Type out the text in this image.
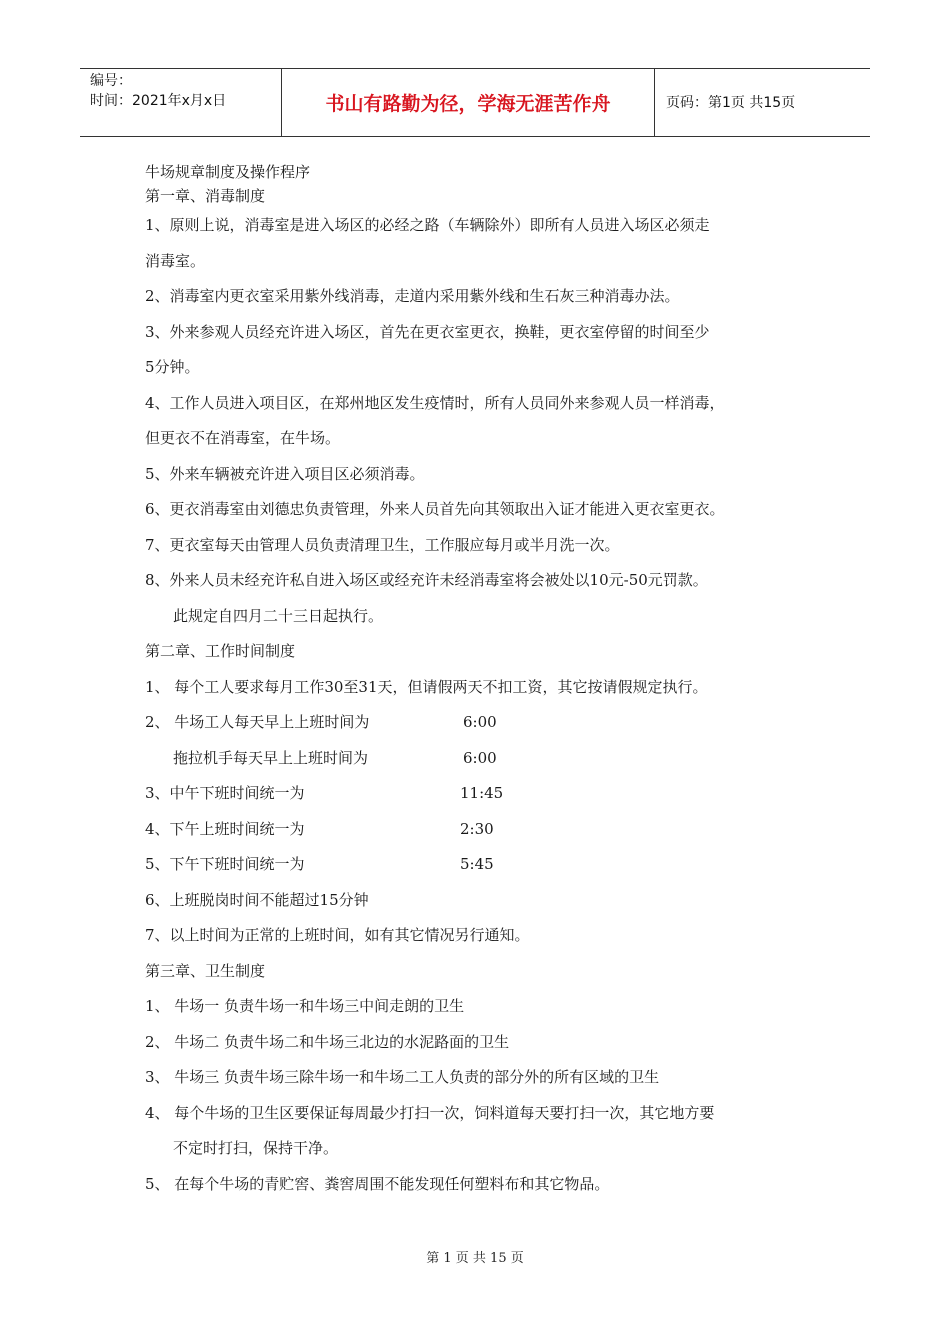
编号：
时间：2021年x月x日	书山有路勤为径，学海无涯苦作舟	页码：第1页 共15页
牛场规章制度及操作程序
第一章、消毒制度
1、原则上说，消毒室是进入场区的必经之路（车辆除外）即所有人员进入场区必须走
消毒室。
2、消毒室内更衣室采用紫外线消毒，走道内采用紫外线和生石灰三种消毒办法。
3、外来参观人员经充许进入场区，首先在更衣室更衣，换鞋，更衣室停留的时间至少
5分钟。
4、工作人员进入项目区，在郑州地区发生疫情时，所有人员同外来参观人员一样消毒，
但更衣不在消毒室，在牛场。
5、外来车辆被充许进入项目区必须消毒。
6、更衣消毒室由刘德忠负责管理，外来人员首先向其领取出入证才能进入更衣室更衣。
7、更衣室每天由管理人员负责清理卫生，工作服应每月或半月洗一次。
8、外来人员未经充许私自进入场区或经充许未经消毒室将会被处以10元-50元罚款。
此规定自四月二十三日起执行。
第二章、工作时间制度
1、 每个工人要求每月工作30至31天，但请假两天不扣工资，其它按请假规定执行。
2、 牛场工人每天早上上班时间为	6:00
拖拉机手每天早上上班时间为	6:00
3、中午下班时间统一为	11:45
4、下午上班时间统一为	2:30
5、下午下班时间统一为	5:45
6、上班脱岗时间不能超过15分钟
7、以上时间为正常的上班时间，如有其它情况另行通知。
第三章、卫生制度
1、 牛场一 负责牛场一和牛场三中间走朗的卫生
2、 牛场二 负责牛场二和牛场三北边的水泥路面的卫生
3、 牛场三 负责牛场三除牛场一和牛场二工人负责的部分外的所有区域的卫生
4、 每个牛场的卫生区要保证每周最少打扫一次，饲料道每天要打扫一次，其它地方要
不定时打扫，保持干净。
5、 在每个牛场的青贮窖、粪窖周围不能发现任何塑料布和其它物品。
第 1 页 共 15 页
